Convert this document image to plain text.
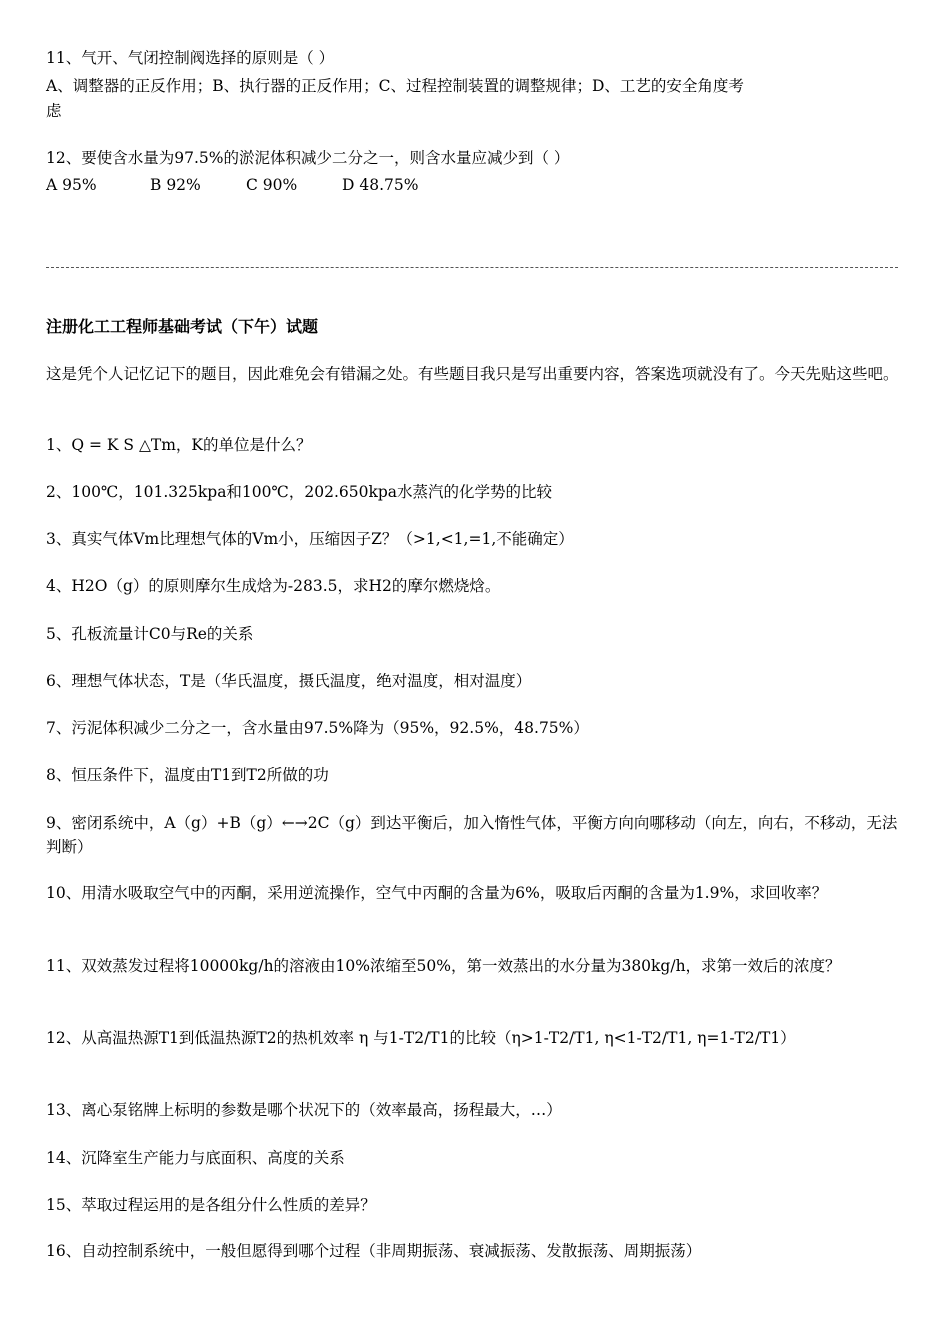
11、气开、气闭控制阀选择的原则是（ ）
A、调整器的正反作用；B、执行器的正反作用；C、过程控制装置的调整规律；D、工艺的安全角度考
虑
12、要使含水量为97.5%的淤泥体积减少二分之一，则含水量应减少到（ ）
A 95%	B 92%	C 90%	D 48.75%
注册化工工程师基础考试（下午）试题
这是凭个人记忆记下的题目，因此难免会有错漏之处。有些题目我只是写出重要内容，答案选项就没有了。今天先贴这些吧。
1、Q = K S △Tm，K的单位是什么？
2、100℃，101.325kpa和100℃，202.650kpa水蒸汽的化学势的比较
3、真实气体Vm比理想气体的Vm小，压缩因子Z？（>1,<1,=1,不能确定）
4、H2O（g）的原则摩尔生成焓为-283.5，求H2的摩尔燃烧焓。
5、孔板流量计C0与Re的关系
6、理想气体状态，T是（华氏温度，摄氏温度，绝对温度，相对温度）
7、污泥体积减少二分之一，含水量由97.5%降为（95%，92.5%，48.75%）
8、恒压条件下，温度由T1到T2所做的功
9、密闭系统中，A（g）+B（g）←→2C（g）到达平衡后，加入惰性气体，平衡方向向哪移动（向左，向右，不移动，无法判断）
10、用清水吸取空气中的丙酮，采用逆流操作，空气中丙酮的含量为6%，吸取后丙酮的含量为1.9%，求回收率？
11、双效蒸发过程将10000kg/h的溶液由10%浓缩至50%，第一效蒸出的水分量为380kg/h，求第一效后的浓度？
12、从高温热源T1到低温热源T2的热机效率 η 与1-T2/T1的比较（η>1-T2/T1, η<1-T2/T1, η=1-T2/T1）
13、离心泵铭牌上标明的参数是哪个状况下的（效率最高，扬程最大，…）
14、沉降室生产能力与底面积、高度的关系
15、萃取过程运用的是各组分什么性质的差异？
16、自动控制系统中，一般但愿得到哪个过程（非周期振荡、衰减振荡、发散振荡、周期振荡）
